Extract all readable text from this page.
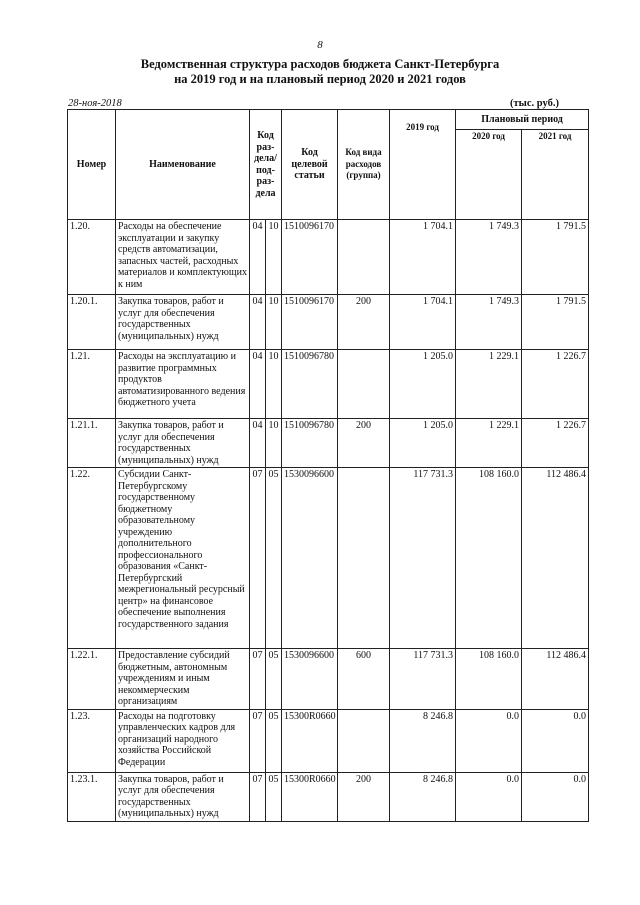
8
Ведомственная структура расходов бюджета Санкт-Петербурга
на 2019 год и на плановый период 2020 и 2021 годов
28-ноя-2018	(тыс. руб.)
Номер	Наименование	Код раз- дела/ под- раз- дела		Код целевой статьи	Код вида расходов (группа)	2019 год	Плановый период	
							2020 год	2021 год
1.20.	Расходы на обеспечение эксплуатации и закупку средств автоматизации, запасных частей, расходных материалов и комплектующих к ним	04	10	1510096170		1 704.1	1 749.3	1 791.5
1.20.1.	Закупка товаров, работ и услуг для обеспечения государственных (муниципальных) нужд	04	10	1510096170	200	1 704.1	1 749.3	1 791.5
1.21.	Расходы на эксплуатацию и развитие программных продуктов автоматизированного ведения бюджетного учета	04	10	1510096780		1 205.0	1 229.1	1 226.7
1.21.1.	Закупка товаров, работ и услуг для обеспечения государственных (муниципальных) нужд	04	10	1510096780	200	1 205.0	1 229.1	1 226.7
1.22.	Субсидии Санкт-Петербургскому государственному бюджетному образовательному учреждению дополнительного профессионального образования «Санкт-Петербургский межрегиональный ресурсный центр» на финансовое обеспечение выполнения государственного задания	07	05	1530096600		117 731.3	108 160.0	112 486.4
1.22.1.	Предоставление субсидий бюджетным, автономным учреждениям и иным некоммерческим организациям	07	05	1530096600	600	117 731.3	108 160.0	112 486.4
1.23.	Расходы на подготовку управленческих кадров для организаций народного хозяйства Российской Федерации	07	05	15300R0660		8 246.8	0.0	0.0
1.23.1.	Закупка товаров, работ и услуг для обеспечения государственных (муниципальных) нужд	07	05	15300R0660	200	8 246.8	0.0	0.0
